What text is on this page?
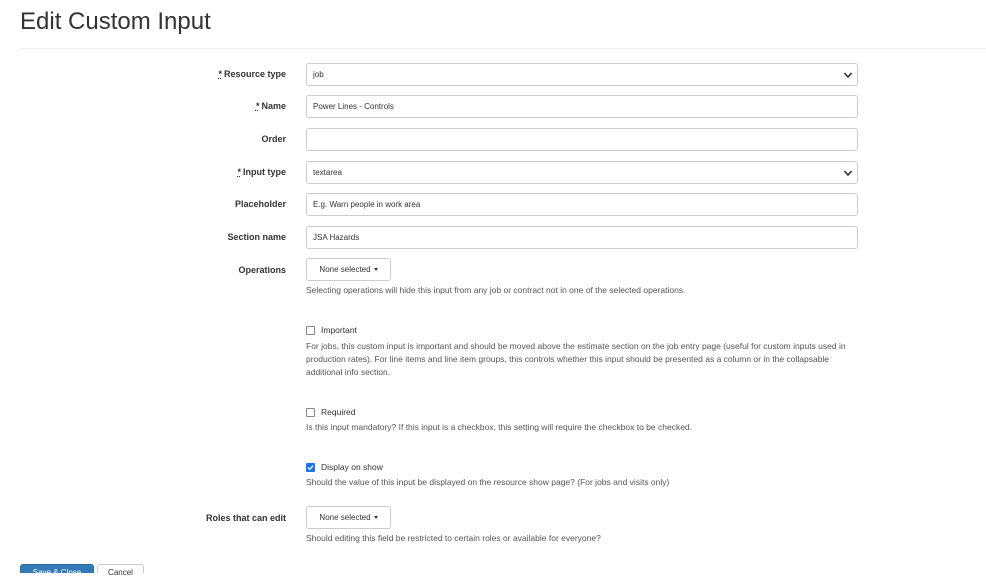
Edit Custom Input
* Resource type	job
* Name	Power Lines - Controls
Order
* Input type	textarea
Placeholder	E.g. Warn people in work area
Section name	JSA Hazards
Operations	None selected
Selecting operations will hide this input from any job or contract not in one of the selected operations.
Important
For jobs, this custom input is important and should be moved above the estimate section on the job entry page (useful for custom inputs used in production rates). For line items and line item groups, this controls whether this input should be presented as a column or in the collapsable additional info section.
Required
Is this input mandatory? If this input is a checkbox, this setting will require the checkbox to be checked.
Display on show
Should the value of this input be displayed on the resource show page? (For jobs and visits only)
Roles that can edit	None selected
Should editing this field be restricted to certain roles or available for everyone?
Save & Close	Cancel
